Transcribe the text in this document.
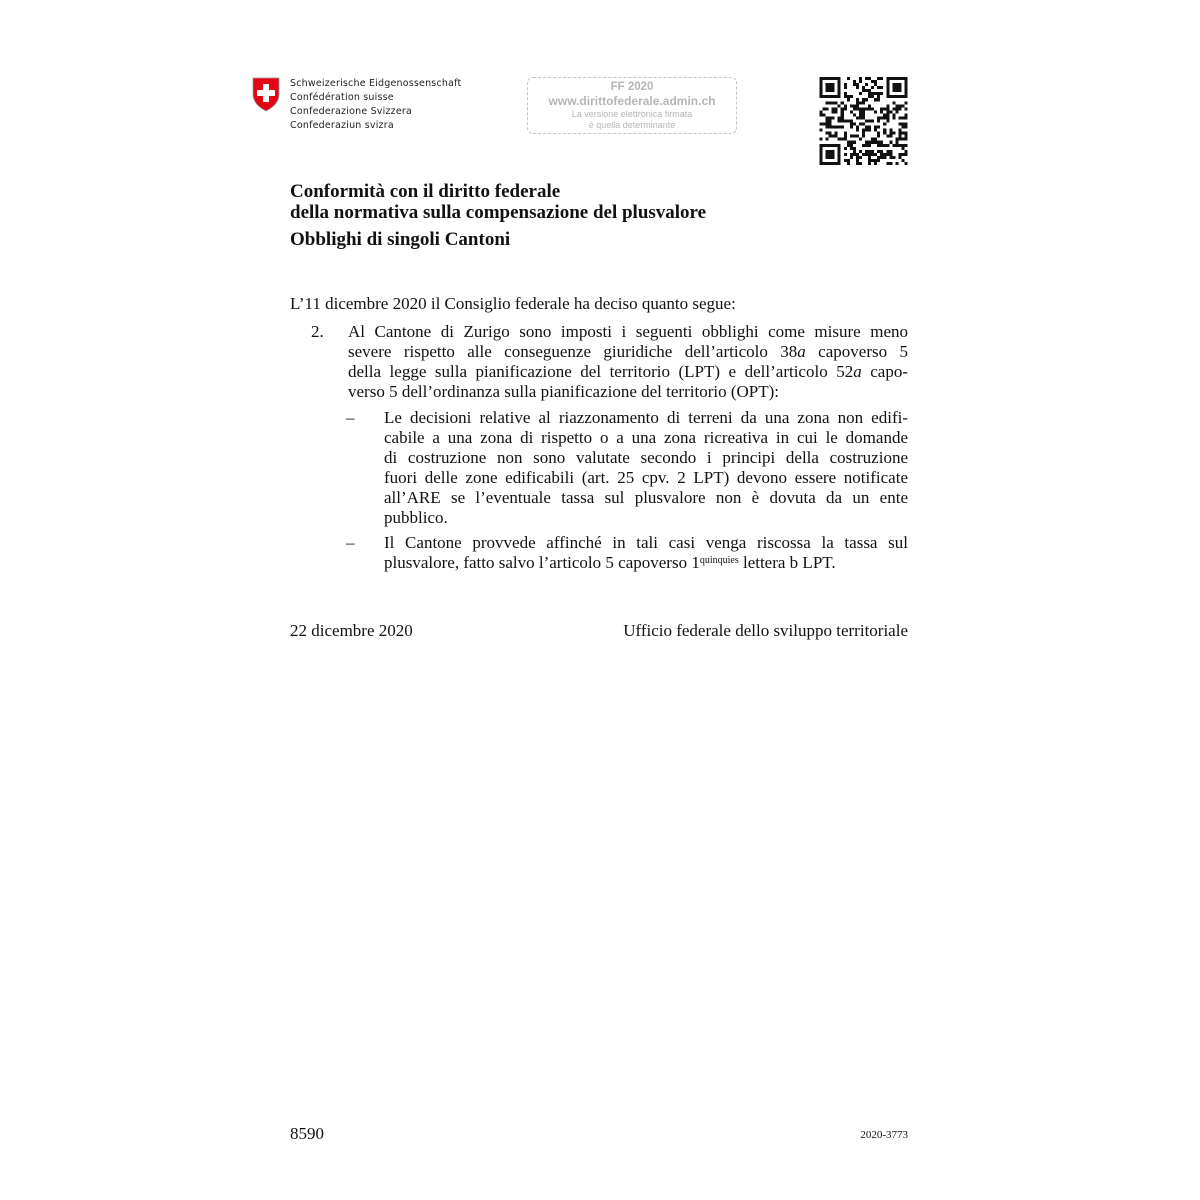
Schweizerische Eidgenossenschaft
Confédération suisse
Confederazione Svizzera
Confederaziun svizra
FF 2020
www.dirittofederale.admin.ch
La versione elettronica firmata
è quella determinante
Conformità con il diritto federale
della normativa sulla compensazione del plusvalore
Obblighi di singoli Cantoni
L’11 dicembre 2020 il Consiglio federale ha deciso quanto segue:
2. Al Cantone di Zurigo sono imposti i seguenti obblighi come misure meno
severe rispetto alle conseguenze giuridiche dell’articolo 38a capoverso 5
della legge sulla pianificazione del territorio (LPT) e dell’articolo 52a capo-
verso 5 dell’ordinanza sulla pianificazione del territorio (OPT):
– Le decisioni relative al riazzonamento di terreni da una zona non edifi-
cabile a una zona di rispetto o a una zona ricreativa in cui le domande
di costruzione non sono valutate secondo i principi della costruzione
fuori delle zone edificabili (art. 25 cpv. 2 LPT) devono essere notificate
all’ARE se l’eventuale tassa sul plusvalore non è dovuta da un ente
pubblico.
– Il Cantone provvede affinché in tali casi venga riscossa la tassa sul
plusvalore, fatto salvo l’articolo 5 capoverso $1^{quinquies}$ lettera b LPT.
22 dicembre 2020	Ufficio federale dello sviluppo territoriale
8590	2020-3773
